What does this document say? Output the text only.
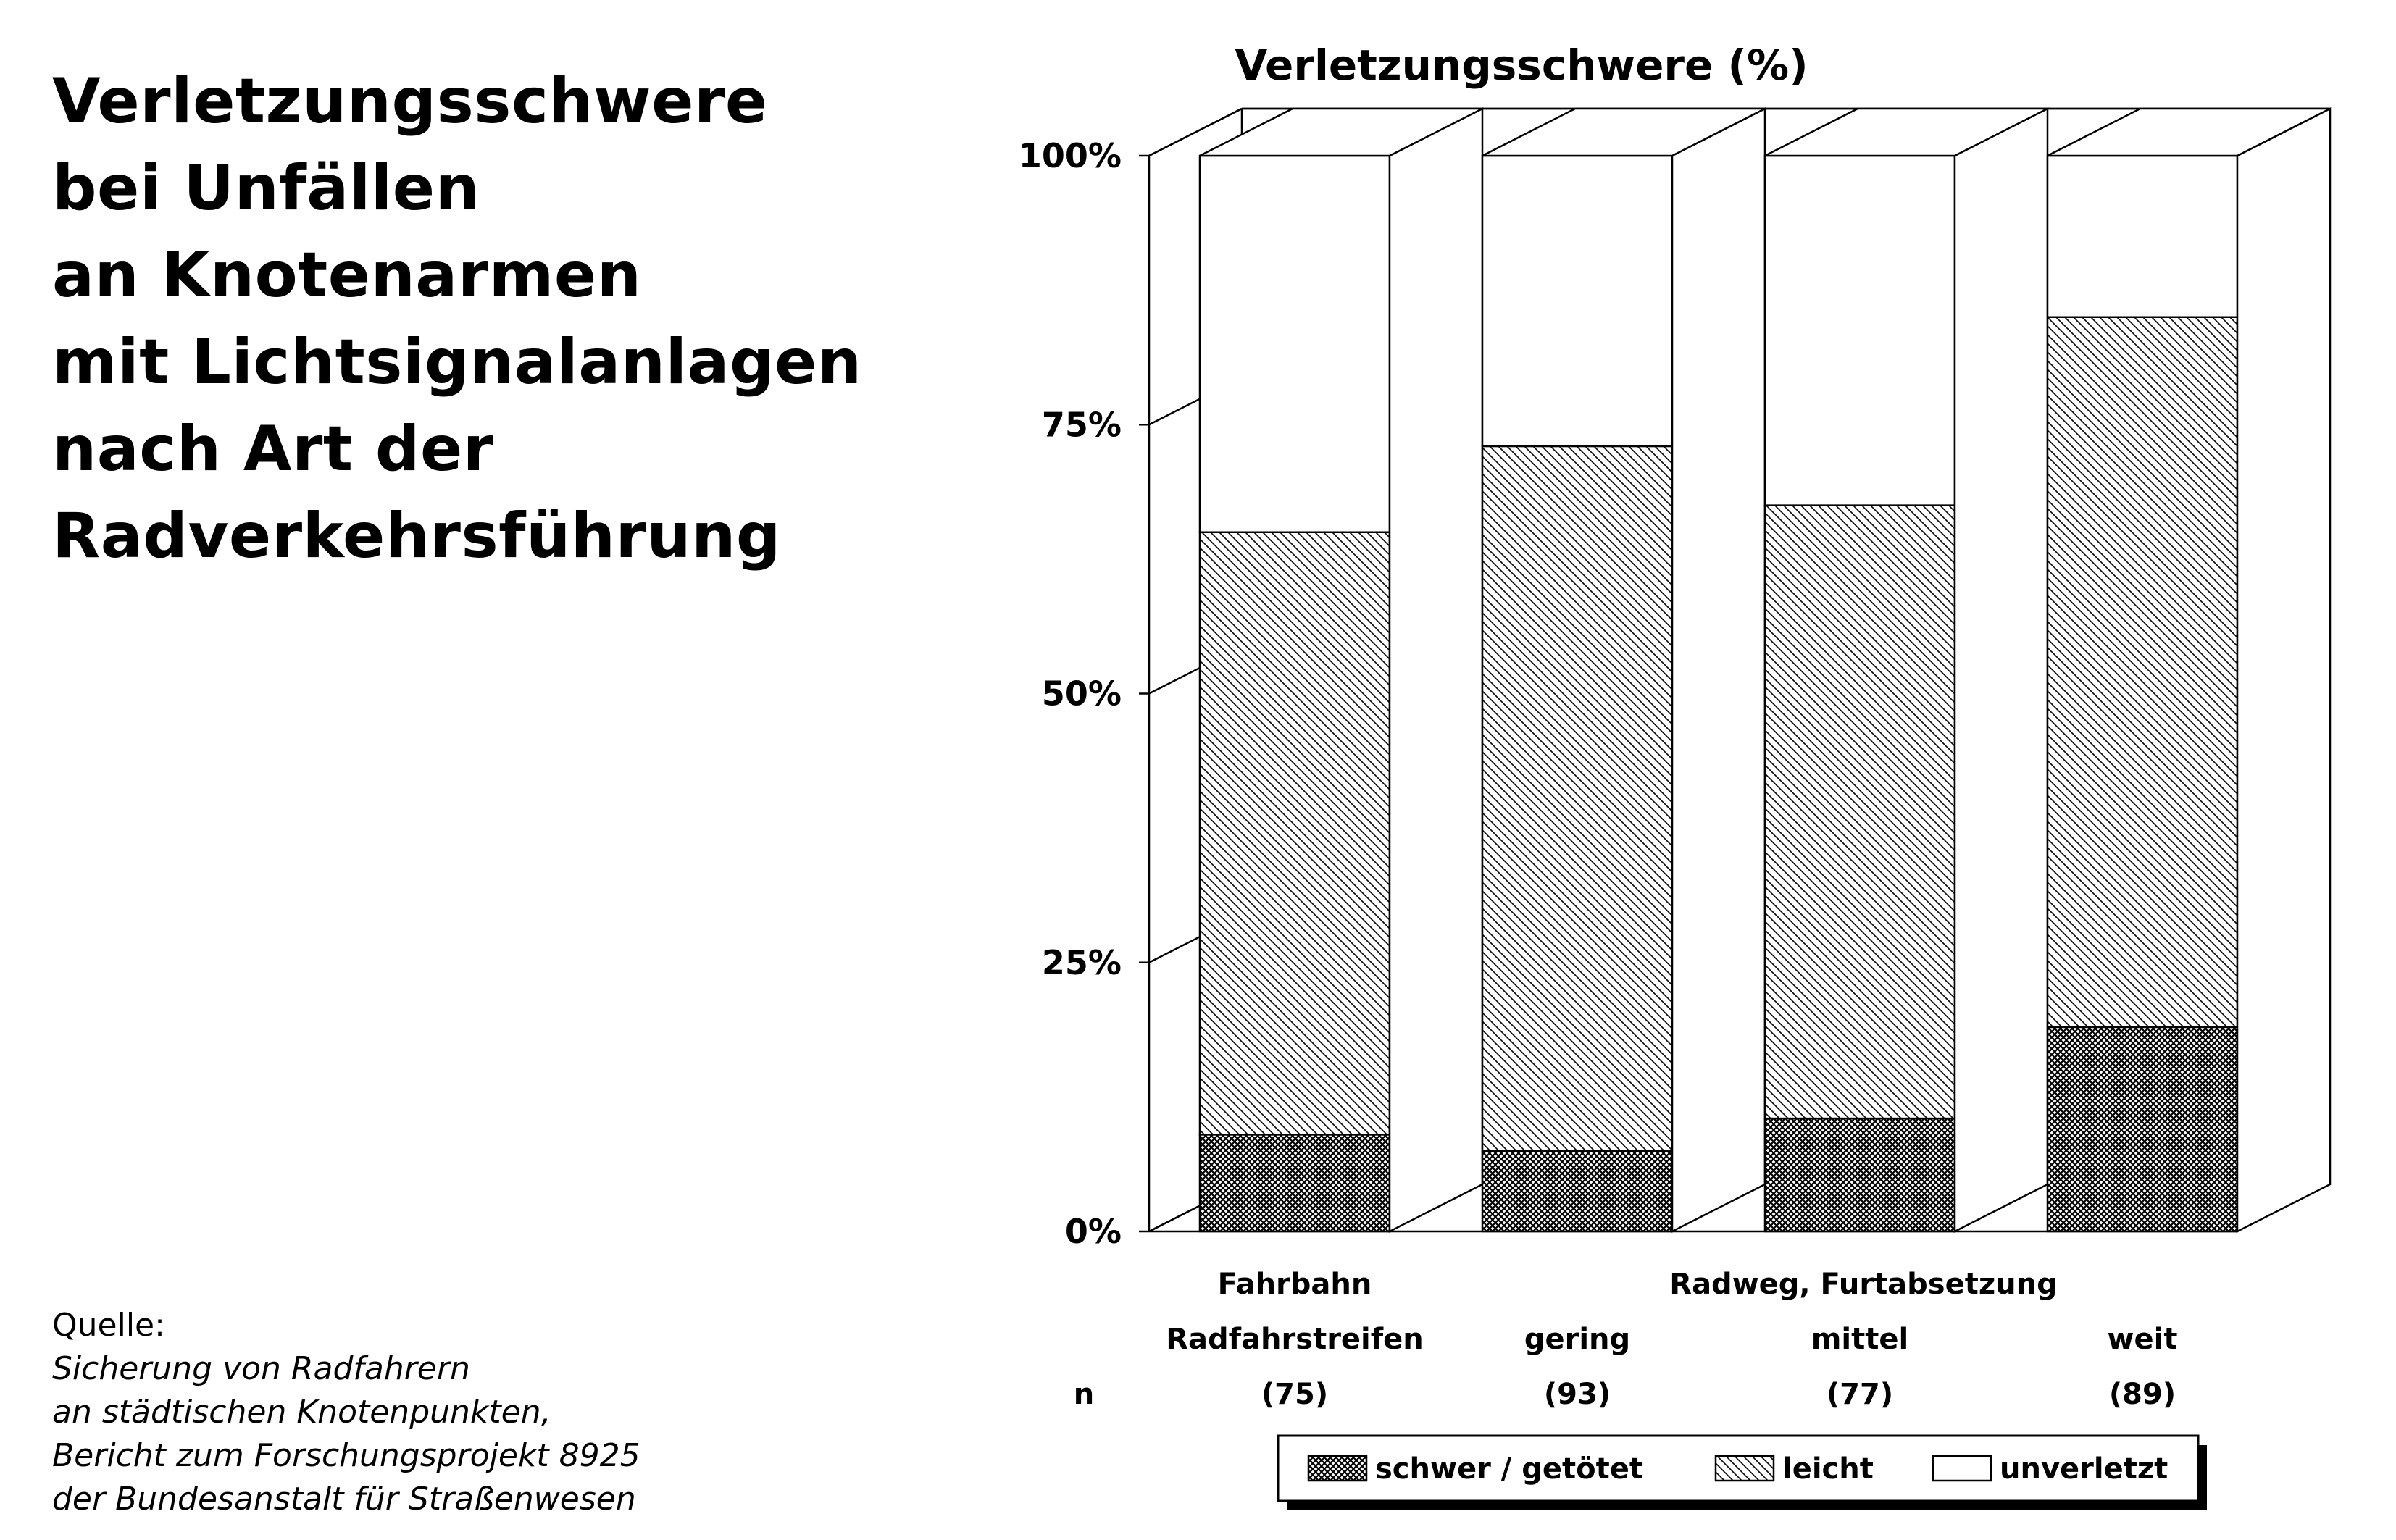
Verletzungsschwere
bei Unfällen
an Knotenarmen
mit Lichtsignalanlagen
nach Art der
Radverkehrsführung
Quelle:
Sicherung von Radfahrern
an städtischen Knotenpunkten,
Bericht zum Forschungsprojekt 8925
der Bundesanstalt für Straßenwesen
0%
25%
50%
75%
100%
Verletzungsschwere (%)
Fahrbahn	Radweg, Furtabsetzung
Radfahrstreifen	gering	mittel	weit
n	(75)	(93)	(77)	(89)
schwer / getötet	leicht	unverletzt
